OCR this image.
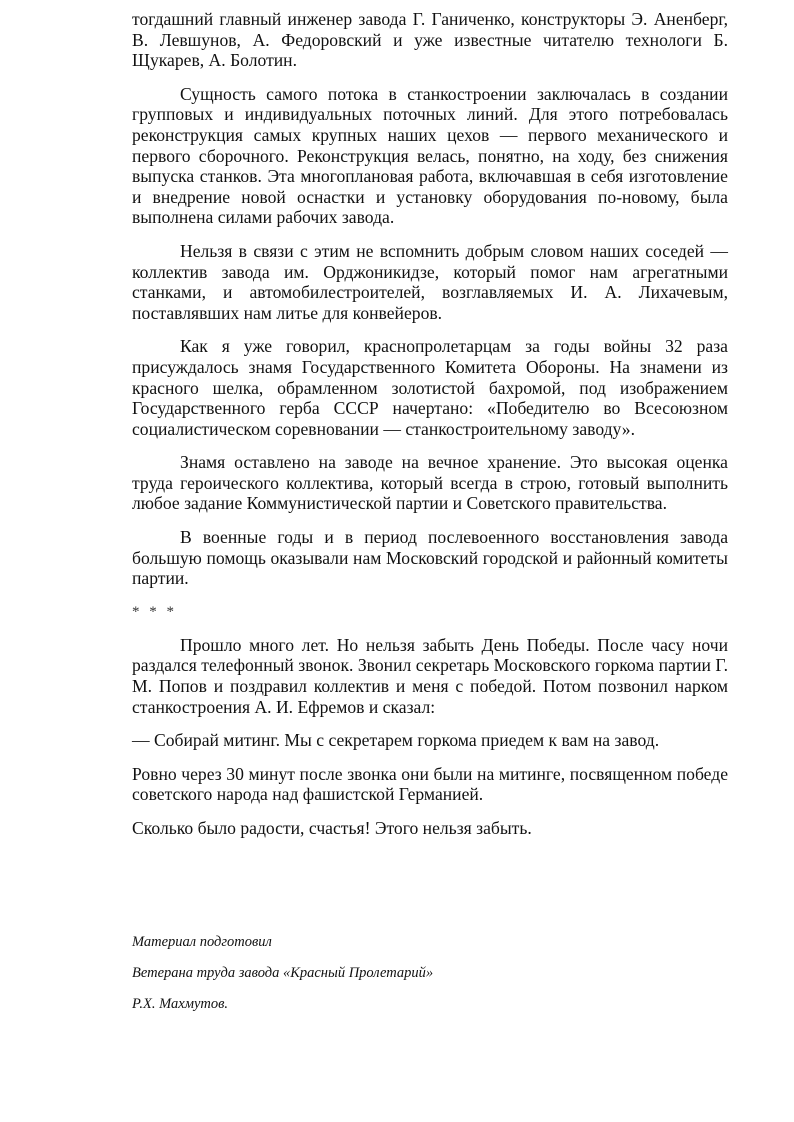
тогдашний главный инженер завода Г. Ганиченко, конструкторы Э. Аненберг, В. Левшунов, А. Федоровский и уже известные читателю технологи Б. Щукарев, А. Болотин.

Сущность самого потока в станкостроении заключалась в создании групповых и индивидуальных поточных линий. Для этого потребовалась реконструкция самых крупных наших цехов — первого механического и первого сборочного. Реконструкция велась, понятно, на ходу, без снижения выпуска станков. Эта многоплановая работа, включавшая в себя изготовление и внедрение новой оснастки и установку оборудования по-новому, была выполнена силами рабочих завода.

Нельзя в связи с этим не вспомнить добрым словом наших соседей — коллектив завода им. Орджоникидзе, который помог нам агрегатными станками, и автомобилестроителей, возглавляемых И. А. Лихачевым, поставлявших нам литье для конвейеров.

Как я уже говорил, краснопролетарцам за годы войны 32 раза присуждалось знамя Государственного Комитета Обороны. На знамени из красного шелка, обрамленном золотистой бахромой, под изображением Государственного герба СССР начертано: «Победителю во Всесоюзном социалистическом соревновании — станкостроительному заводу».

Знамя оставлено на заводе на вечное хранение. Это высокая оценка труда героического коллектива, который всегда в строю, готовый выполнить любое задание Коммунистической партии и Советского правительства.

В военные годы и в период послевоенного восстановления завода большую помощь оказывали нам Московский городской и районный комитеты партии.

* * *

Прошло много лет. Но нельзя забыть День Победы. После часу ночи раздался телефонный звонок. Звонил секретарь Московского горкома партии Г. М. Попов и поздравил коллектив и меня с победой. Потом позвонил нарком станкостроения А. И. Ефремов и сказал:

— Собирай митинг. Мы с секретарем горкома приедем к вам на завод.

Ровно через 30 минут после звонка они были на митинге, посвященном победе советского народа над фашистской Германией.

Сколько было радости, счастья! Этого нельзя забыть.

Материал подготовил
Ветерана труда завода «Красный Пролетарий»
Р.Х. Махмутов.
